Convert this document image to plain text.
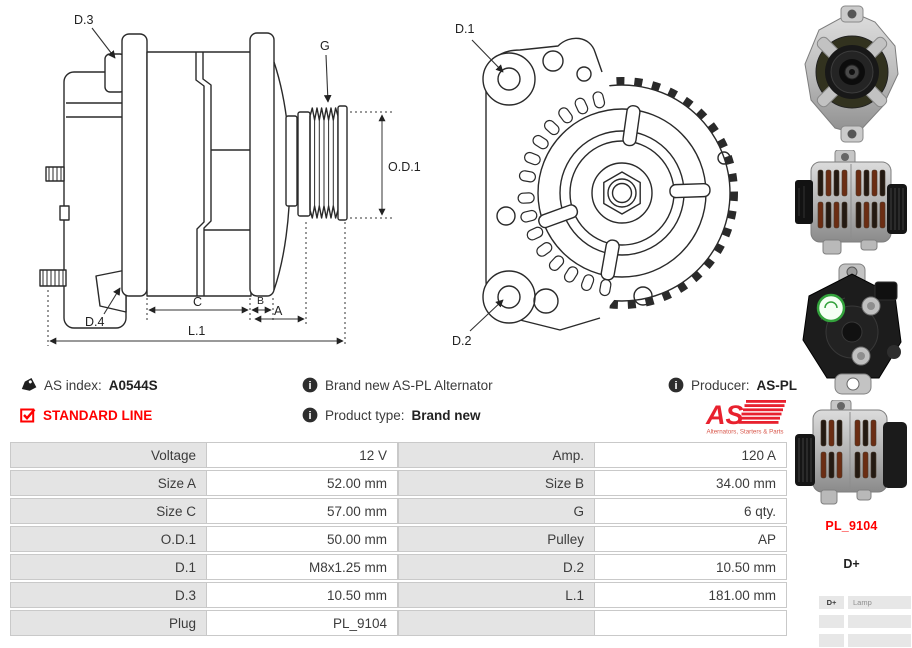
D.3
G
O.D.1
D.4
C	B
A
L.1
D.1
D.2
PL_9104
D+
D+	Lamp
AS index: A0544S
STANDARD LINE
i Brand new AS-PL Alternator
i Product type: Brand new
i Producer: AS-PL
AS
Alternators, Starters & Parts
Voltage	12 V	Amp.	120 A
Size A	52.00 mm	Size B	34.00 mm
Size C	57.00 mm	G	6 qty.
O.D.1	50.00 mm	Pulley	AP
D.1	M8x1.25 mm	D.2	10.50 mm
D.3	10.50 mm	L.1	181.00 mm
Plug	PL_9104
